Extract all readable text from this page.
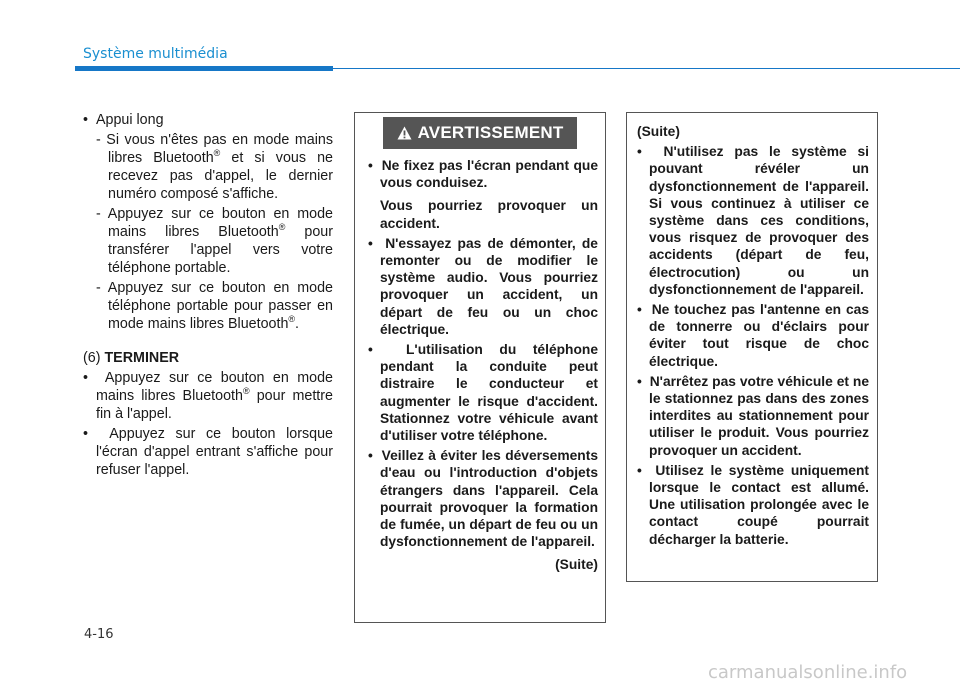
Système multimédia

•  Appui long

- Si vous n'êtes pas en mode mains libres Bluetooth® et si vous ne recevez pas d'appel, le dernier numéro composé s'affiche.

- Appuyez sur ce bouton en mode mains libres Bluetooth® pour transférer l'appel vers votre téléphone portable.

- Appuyez sur ce bouton en mode téléphone portable pour passer en mode mains libres Bluetooth®.

(6) TERMINER

•  Appuyez sur ce bouton en mode mains libres Bluetooth® pour mettre fin à l'appel.

•  Appuyez sur ce bouton lorsque l'écran d'appel entrant s'affiche pour refuser l'appel.

AVERTISSEMENT

•  Ne fixez pas l'écran pendant que vous conduisez.

Vous pourriez provoquer un accident.

•  N'essayez pas de démonter, de remonter ou de modifier le système audio. Vous pourriez provoquer un accident, un départ de feu ou un choc électrique.

•  L'utilisation du téléphone pendant la conduite peut distraire le conducteur et augmenter le risque d'accident. Stationnez votre véhicule avant d'utiliser votre téléphone.

•  Veillez à éviter les déversements d'eau ou l'introduction d'objets étrangers dans l'appareil. Cela pourrait provoquer la formation de fumée, un départ de feu ou un dysfonctionnement de l'appareil.

(Suite)

(Suite)

•  N'utilisez pas le système si pouvant révéler un dysfonctionnement de l'appareil. Si vous continuez à utiliser ce système dans ces conditions, vous risquez de provoquer des accidents (départ de feu, électrocution) ou un dysfonctionnement de l'appareil.

•  Ne touchez pas l'antenne en cas de tonnerre ou d'éclairs pour éviter tout risque de choc électrique.

•  N'arrêtez pas votre véhicule et ne le stationnez pas dans des zones interdites au stationnement pour utiliser le produit. Vous pourriez provoquer un accident.

•  Utilisez le système uniquement lorsque le contact est allumé. Une utilisation prolongée avec le contact coupé pourrait décharger la batterie.

4-16
carmanualsonline.info
